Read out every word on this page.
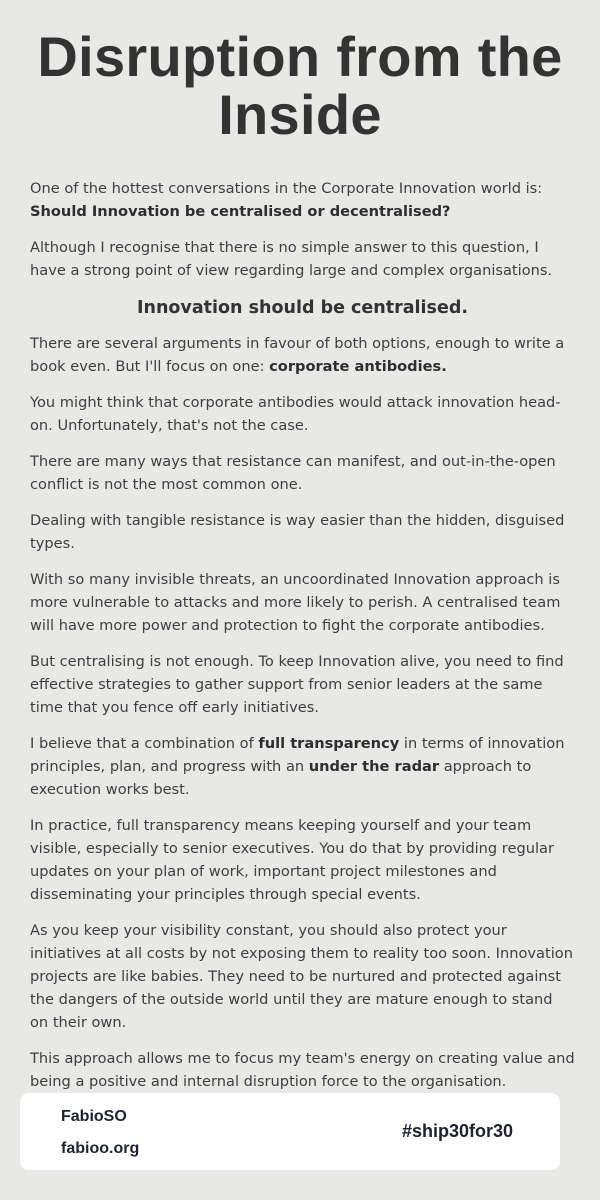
Disruption from the Inside

One of the hottest conversations in the Corporate Innovation world is: Should Innovation be centralised or decentralised?

Although I recognise that there is no simple answer to this question, I have a strong point of view regarding large and complex organisations.

Innovation should be centralised.

There are several arguments in favour of both options, enough to write a book even. But I'll focus on one: corporate antibodies.

You might think that corporate antibodies would attack innovation head-on. Unfortunately, that's not the case.

There are many ways that resistance can manifest, and out-in-the-open conflict is not the most common one.

Dealing with tangible resistance is way easier than the hidden, disguised types.

With so many invisible threats, an uncoordinated Innovation approach is more vulnerable to attacks and more likely to perish. A centralised team will have more power and protection to fight the corporate antibodies.

But centralising is not enough. To keep Innovation alive, you need to find effective strategies to gather support from senior leaders at the same time that you fence off early initiatives.

I believe that a combination of full transparency in terms of innovation principles, plan, and progress with an under the radar approach to execution works best.

In practice, full transparency means keeping yourself and your team visible, especially to senior executives. You do that by providing regular updates on your plan of work, important project milestones and disseminating your principles through special events.

As you keep your visibility constant, you should also protect your initiatives at all costs by not exposing them to reality too soon. Innovation projects are like babies. They need to be nurtured and protected against the dangers of the outside world until they are mature enough to stand on their own.

This approach allows me to focus my team's energy on creating value and being a positive and internal disruption force to the organisation.

FabioSO
fabioo.org
#ship30for30
